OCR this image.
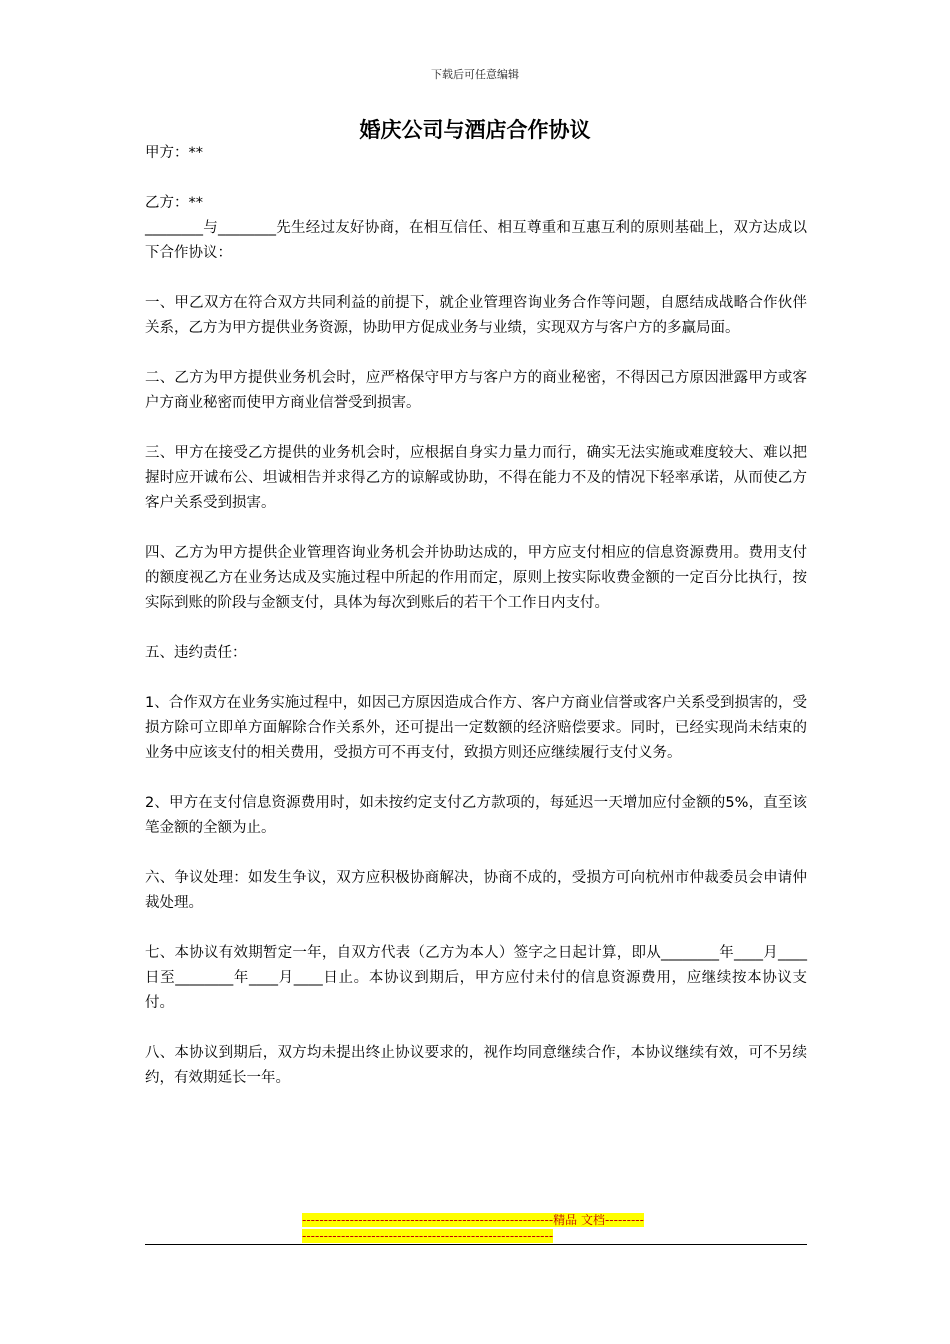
下载后可任意编辑
婚庆公司与酒店合作协议

甲方：**

乙方：**

________与________先生经过友好协商，在相互信任、相互尊重和互惠互利的原则基础上，双方达成以下合作协议：

一、甲乙双方在符合双方共同利益的前提下，就企业管理咨询业务合作等问题，自愿结成战略合作伙伴关系，乙方为甲方提供业务资源，协助甲方促成业务与业绩，实现双方与客户方的多赢局面。

二、乙方为甲方提供业务机会时，应严格保守甲方与客户方的商业秘密，不得因己方原因泄露甲方或客户方商业秘密而使甲方商业信誉受到损害。

三、甲方在接受乙方提供的业务机会时，应根据自身实力量力而行，确实无法实施或难度较大、难以把握时应开诚布公、坦诚相告并求得乙方的谅解或协助，不得在能力不及的情况下轻率承诺，从而使乙方客户关系受到损害。

四、乙方为甲方提供企业管理咨询业务机会并协助达成的，甲方应支付相应的信息资源费用。费用支付的额度视乙方在业务达成及实施过程中所起的作用而定，原则上按实际收费金额的一定百分比执行，按实际到账的阶段与金额支付，具体为每次到账后的若干个工作日内支付。

五、违约责任：

1、合作双方在业务实施过程中，如因己方原因造成合作方、客户方商业信誉或客户关系受到损害的，受损方除可立即单方面解除合作关系外，还可提出一定数额的经济赔偿要求。同时，已经实现尚未结束的业务中应该支付的相关费用，受损方可不再支付，致损方则还应继续履行支付义务。

2、甲方在支付信息资源费用时，如未按约定支付乙方款项的，每延迟一天增加应付金额的5%，直至该笔金额的全额为止。

六、争议处理：如发生争议，双方应积极协商解决，协商不成的，受损方可向杭州市仲裁委员会申请仲裁处理。

七、本协议有效期暂定一年，自双方代表（乙方为本人）签字之日起计算，即从________年____月____日至________年____月____日止。本协议到期后，甲方应付未付的信息资源费用，应继续按本协议支付。

八、本协议到期后，双方均未提出终止协议要求的，视作均同意继续合作，本协议继续有效，可不另续约，有效期延长一年。

----------------------------------------------------------精品 文档-------------------------------------------------------------------
